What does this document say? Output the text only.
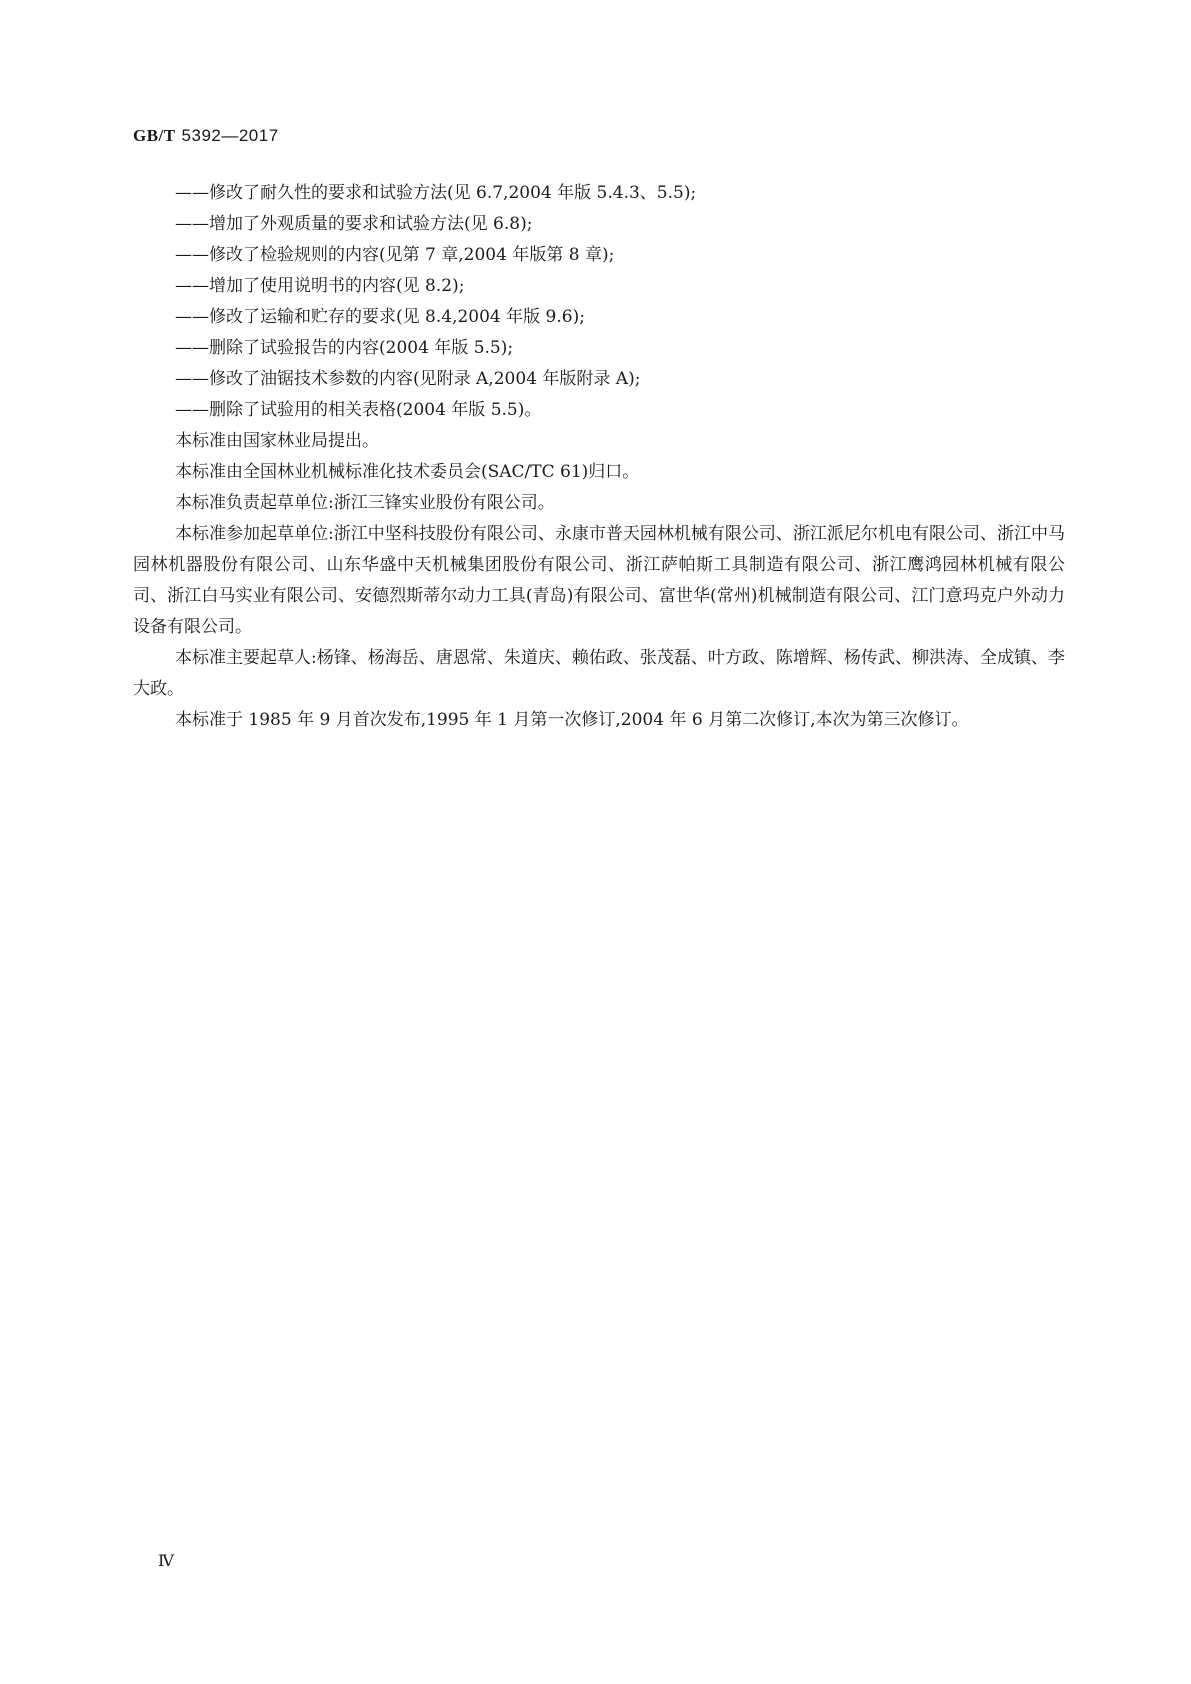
GB/T 5392—2017
——修改了耐久性的要求和试验方法(见 6.7,2004 年版 5.4.3、5.5);
——增加了外观质量的要求和试验方法(见 6.8);
——修改了检验规则的内容(见第 7 章,2004 年版第 8 章);
——增加了使用说明书的内容(见 8.2);
——修改了运输和贮存的要求(见 8.4,2004 年版 9.6);
——删除了试验报告的内容(2004 年版 5.5);
——修改了油锯技术参数的内容(见附录 A,2004 年版附录 A);
——删除了试验用的相关表格(2004 年版 5.5)。
本标准由国家林业局提出。
本标准由全国林业机械标准化技术委员会(SAC/TC 61)归口。
本标准负责起草单位:浙江三锋实业股份有限公司。
本标准参加起草单位:浙江中坚科技股份有限公司、永康市普天园林机械有限公司、浙江派尼尔机电有限公司、浙江中马园林机器股份有限公司、山东华盛中天机械集团股份有限公司、浙江萨帕斯工具制造有限公司、浙江鹰鸿园林机械有限公司、浙江白马实业有限公司、安德烈斯蒂尔动力工具(青岛)有限公司、富世华(常州)机械制造有限公司、江门意玛克户外动力设备有限公司。
本标准主要起草人:杨锋、杨海岳、唐恩常、朱道庆、赖佑政、张茂磊、叶方政、陈增辉、杨传武、柳洪涛、全成镇、李大政。
本标准于 1985 年 9 月首次发布,1995 年 1 月第一次修订,2004 年 6 月第二次修订,本次为第三次修订。
Ⅳ
